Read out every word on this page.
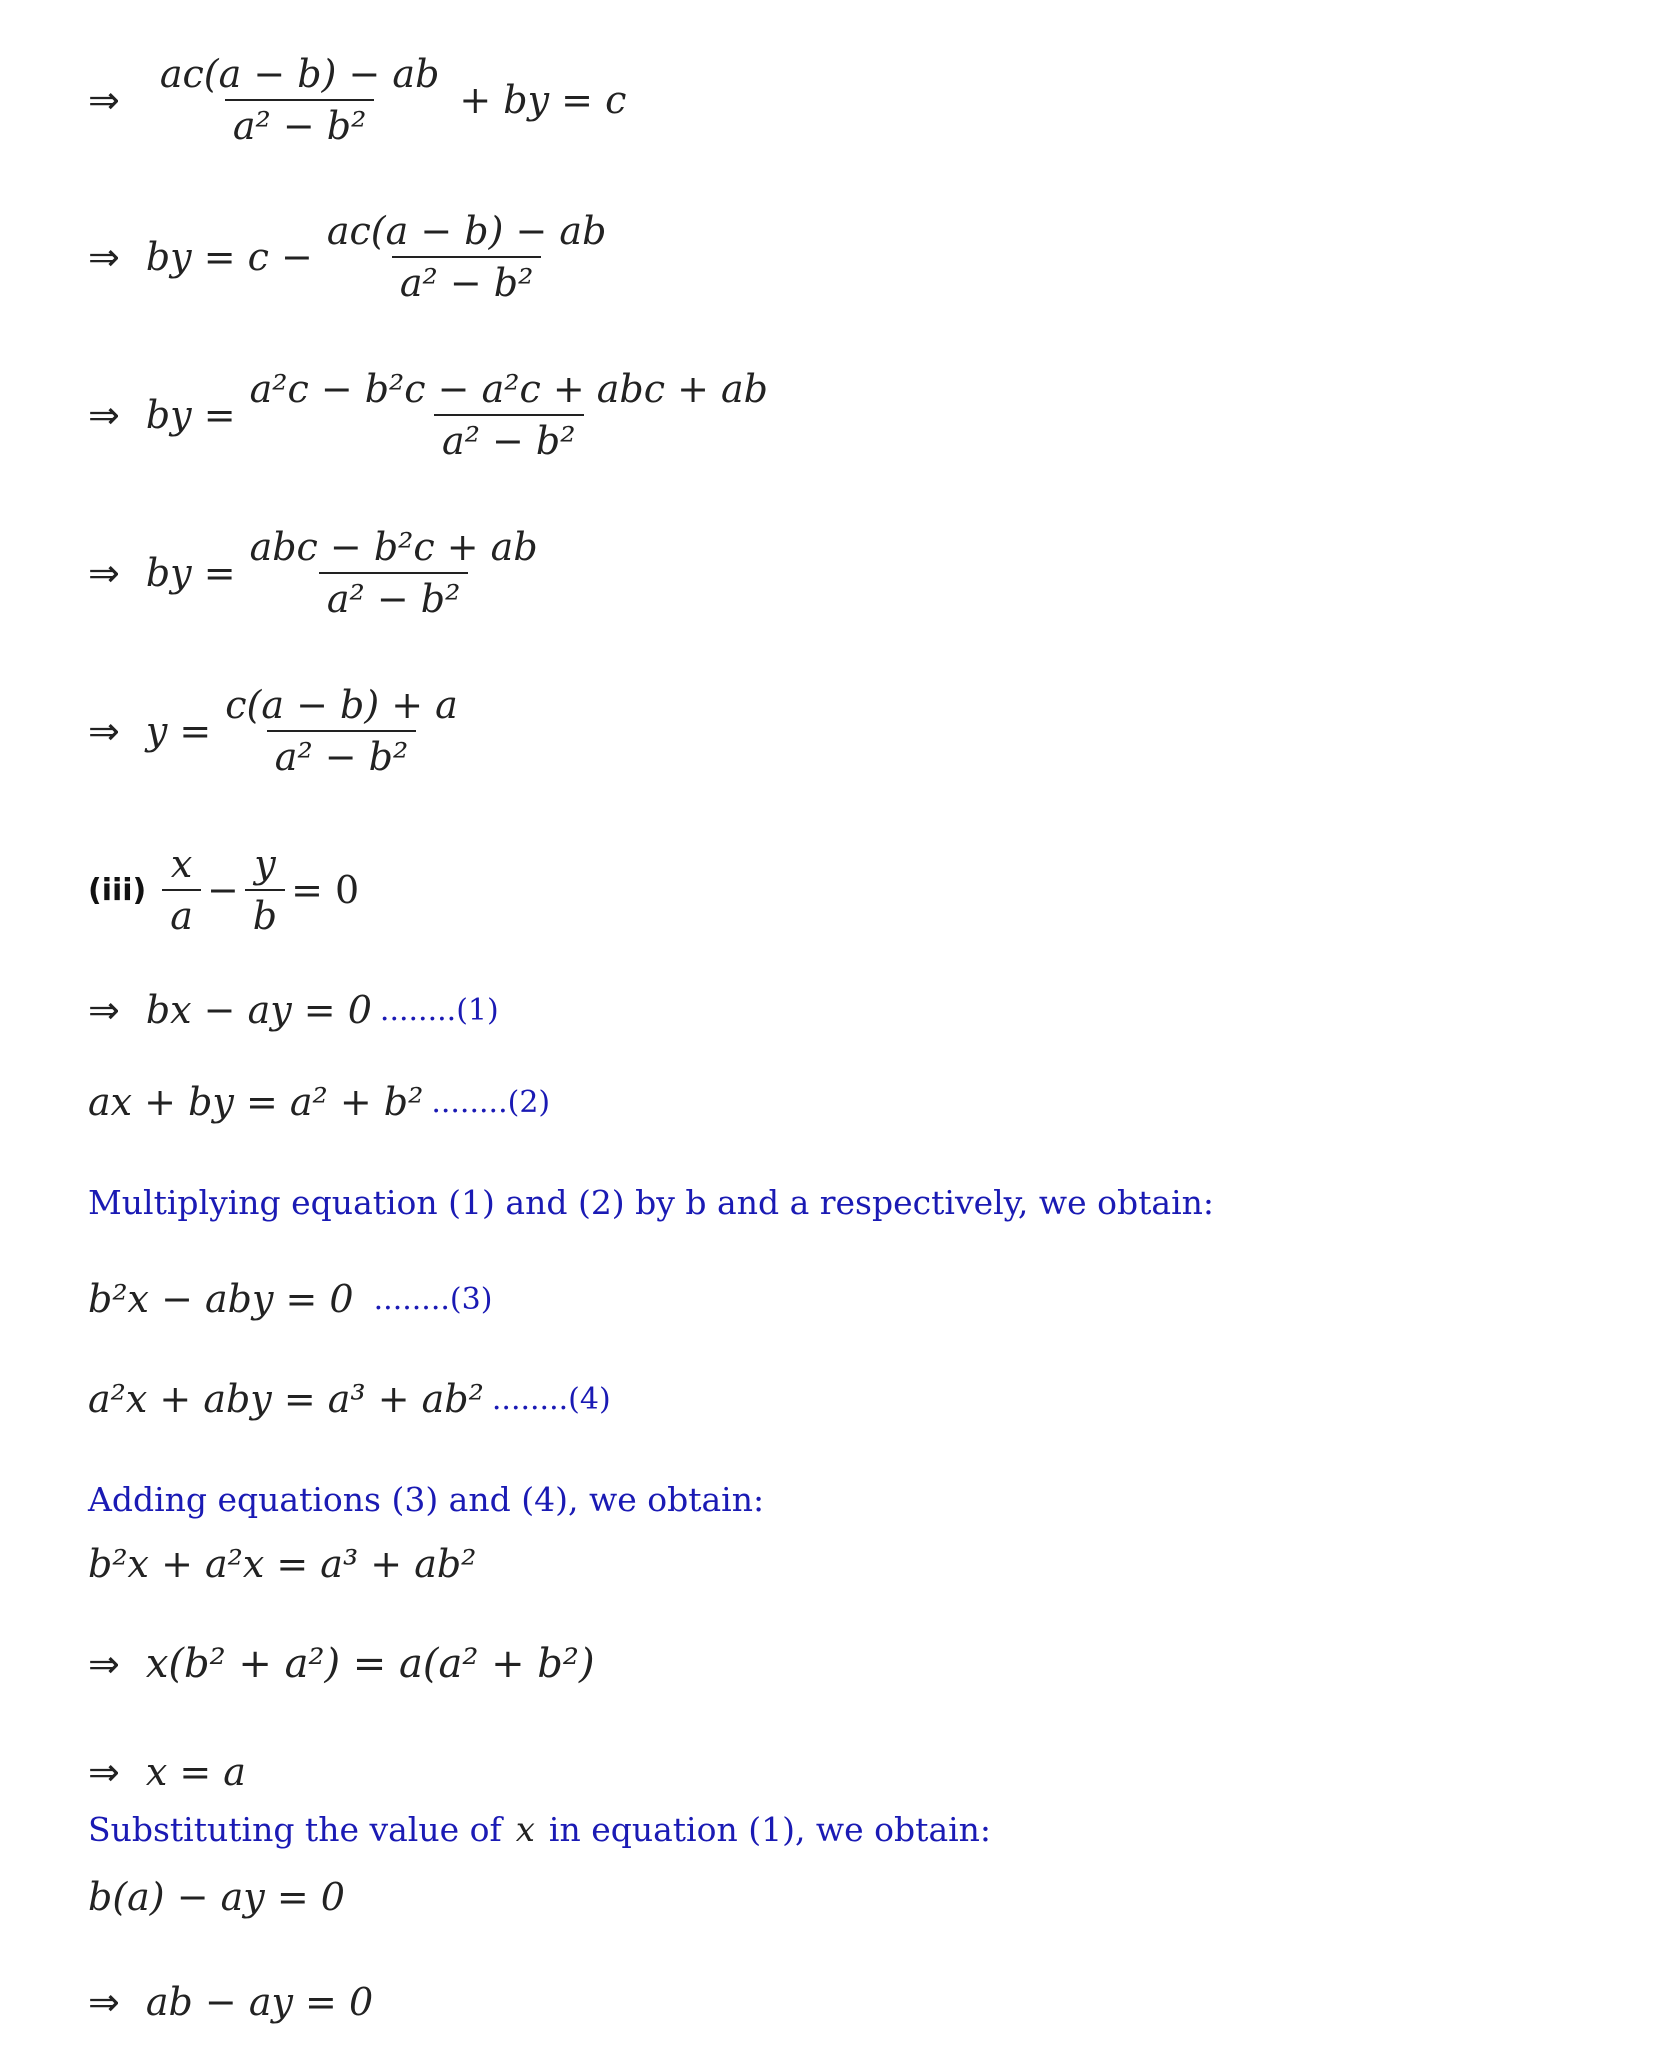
⇒ $\frac{ac(a - b) - ab}{\text{a² − b²}}$ + by = c
⇒ by = $c - \frac{ac(a - b) - ab}{\text{a² − b²}}$
⇒ by = $\frac{\text{a²c − b²c − a²c + abc + ab}}{\text{a² − b²}}$
⇒ by = $\frac{\text{abc − b²c + ab}}{\text{a² − b²}}$
⇒ $y = \frac{c(a - b) + a}{\text{a² − b²}}$
$(iii) \frac{x}{a} - \frac{y}{b} = 0$
⇒ bx − ay = 0 ........(1)
ax + by = a² + b² ........(2)
Multiplying equation (1) and (2) by b and a respectively, we obtain:
b²x − aby = 0 ........(3)
a²x + aby = a³ + ab² ........(4)
Adding equations (3) and (4), we obtain:
b²x + a²x = a³ + ab²
⇒ x(b² + a²) = a(a² + b²)
⇒ x = a
Substituting the value of x in equation (1), we obtain:
b(a) − ay = 0
⇒ ab − ay = 0
